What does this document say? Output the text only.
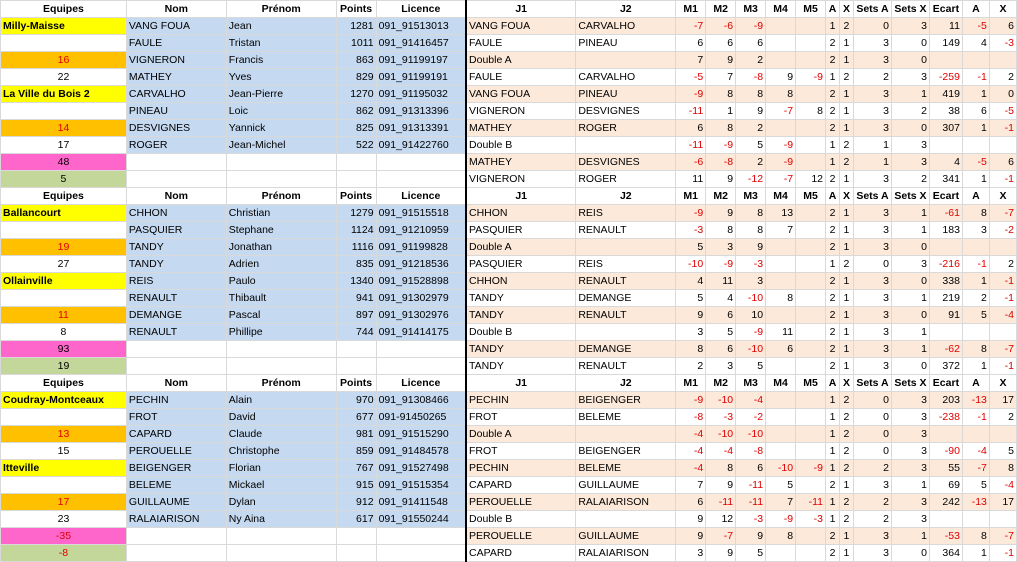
Equipes	Nom	Prénom	Points	Licence	J1	J2	M1	M2	M3	M4	M5	A	X	Sets A	Sets X	Ecart	A	X
Milly-Maisse	VANG FOUA	Jean	1281	091_91513013	VANG FOUA	CARVALHO	-7	-6	-9			1	2	0	3	11	-5	6
	FAULE	Tristan	1011	091_91416457	FAULE	PINEAU	6	6	6			2	1	3	0	149	4	-3
16	VIGNERON	Francis	863	091_91199197	Double A		7	9	2			2	1	3	0			
22	MATHEY	Yves	829	091_91199191	FAULE	CARVALHO	-5	7	-8	9	-9	1	2	2	3	-259	-1	2
La Ville du Bois 2	CARVALHO	Jean-Pierre	1270	091_91195032	VANG FOUA	PINEAU	-9	8	8	8		2	1	3	1	419	1	0
	PINEAU	Loic	862	091_91313396	VIGNERON	DESVIGNES	-11	1	9	-7	8	2	1	3	2	38	6	-5
14	DESVIGNES	Yannick	825	091_91313391	MATHEY	ROGER	6	8	2			2	1	3	0	307	1	-1
17	ROGER	Jean-Michel	522	091_91422760	Double B		-11	-9	5	-9		1	2	1	3			
48					MATHEY	DESVIGNES	-6	-8	2	-9		1	2	1	3	4	-5	6
5					VIGNERON	ROGER	11	9	-12	-7	12	2	1	3	2	341	1	-1
Equipes	Nom	Prénom	Points	Licence	J1	J2	M1	M2	M3	M4	M5	A	X	Sets A	Sets X	Ecart	A	X
Ballancourt	CHHON	Christian	1279	091_91515518	CHHON	REIS	-9	9	8	13		2	1	3	1	-61	8	-7
	PASQUIER	Stephane	1124	091_91210959	PASQUIER	RENAULT	-3	8	8	7		2	1	3	1	183	3	-2
19	TANDY	Jonathan	1116	091_91199828	Double A		5	3	9			2	1	3	0			
27	TANDY	Adrien	835	091_91218536	PASQUIER	REIS	-10	-9	-3			1	2	0	3	-216	-1	2
Ollainville	REIS	Paulo	1340	091_91528898	CHHON	RENAULT	4	11	3			2	1	3	0	338	1	-1
	RENAULT	Thibault	941	091_91302979	TANDY	DEMANGE	5	4	-10	8		2	1	3	1	219	2	-1
11	DEMANGE	Pascal	897	091_91302976	TANDY	RENAULT	9	6	10			2	1	3	0	91	5	-4
8	RENAULT	Phillipe	744	091_91414175	Double B		3	5	-9	11		2	1	3	1			
93					TANDY	DEMANGE	8	6	-10	6		2	1	3	1	-62	8	-7
19					TANDY	RENAULT	2	3	5			2	1	3	0	372	1	-1
Equipes	Nom	Prénom	Points	Licence	J1	J2	M1	M2	M3	M4	M5	A	X	Sets A	Sets X	Ecart	A	X
Coudray-Montceaux	PECHIN	Alain	970	091_91308466	PECHIN	BEIGENGER	-9	-10	-4			1	2	0	3	203	-13	17
	FROT	David	677	091-91450265	FROT	BELEME	-8	-3	-2			1	2	0	3	-238	-1	2
13	CAPARD	Claude	981	091_91515290	Double A		-4	-10	-10			1	2	0	3			
15	PEROUELLE	Christophe	859	091_91484578	FROT	BEIGENGER	-4	-4	-8			1	2	0	3	-90	-4	5
Itteville	BEIGENGER	Florian	767	091_91527498	PECHIN	BELEME	-4	8	6	-10	-9	1	2	2	3	55	-7	8
	BELEME	Mickael	915	091_91515354	CAPARD	GUILLAUME	7	9	-11	5		2	1	3	1	69	5	-4
17	GUILLAUME	Dylan	912	091_91411548	PEROUELLE	RALAIARISON	6	-11	-11	7	-11	1	2	2	3	242	-13	17
23	RALAIARISON	Ny Aina	617	091_91550244	Double B		9	12	-3	-9	-3	1	2	2	3			
-35					PEROUELLE	GUILLAUME	9	-7	9	8		2	1	3	1	-53	8	-7
-8					CAPARD	RALAIARISON	3	9	5			2	1	3	0	364	1	-1
